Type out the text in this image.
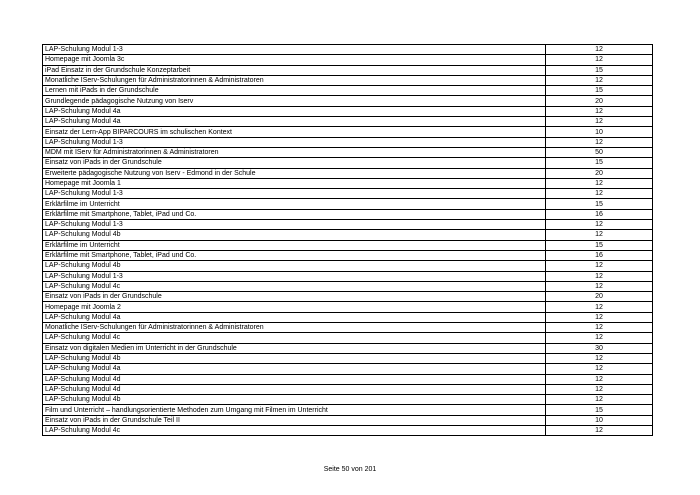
LAP-Schulung Modul 1-3	12
Homepage mit Joomla 3c	12
iPad Einsatz in der Grundschule Konzeptarbeit	15
Monatliche IServ-Schulungen für Administratorinnen & Administratoren	12
Lernen mit iPads in der Grundschule	15
Grundlegende pädagogische Nutzung von Iserv	20
LAP-Schulung Modul 4a	12
LAP-Schulung Modul 4a	12
Einsatz der Lern-App BIPARCOURS im schulischen Kontext	10
LAP-Schulung Modul 1-3	12
MDM mit IServ für Administratorinnen & Administratoren	50
Einsatz von iPads in der Grundschule	15
Erweiterte pädagogische Nutzung von Iserv - Edmond in der Schule	20
Homepage mit Joomla 1	12
LAP-Schulung Modul 1-3	12
Erklärfilme im Unterricht	15
Erklärfilme mit Smartphone, Tablet, iPad und Co.	16
LAP-Schulung Modul 1-3	12
LAP-Schulung Modul 4b	12
Erklärfilme im Unterricht	15
Erklärfilme mit Smartphone, Tablet, iPad und Co.	16
LAP-Schulung Modul 4b	12
LAP-Schulung Modul 1-3	12
LAP-Schulung Modul 4c	12
Einsatz von iPads in der Grundschule	20
Homepage mit Joomla 2	12
LAP-Schulung Modul 4a	12
Monatliche IServ-Schulungen für Administratorinnen & Administratoren	12
LAP-Schulung Modul 4c	12
Einsatz von digitalen Medien im Unterricht in der Grundschule	30
LAP-Schulung Modul 4b	12
LAP-Schulung Modul 4a	12
LAP-Schulung Modul 4d	12
LAP-Schulung Modul 4d	12
LAP-Schulung Modul 4b	12
Film und Unterricht – handlungsorientierte Methoden zum Umgang mit Filmen im Unterricht	15
Einsatz von iPads in der Grundschule Teil II	10
LAP-Schulung Modul 4c	12
Seite 50 von 201
